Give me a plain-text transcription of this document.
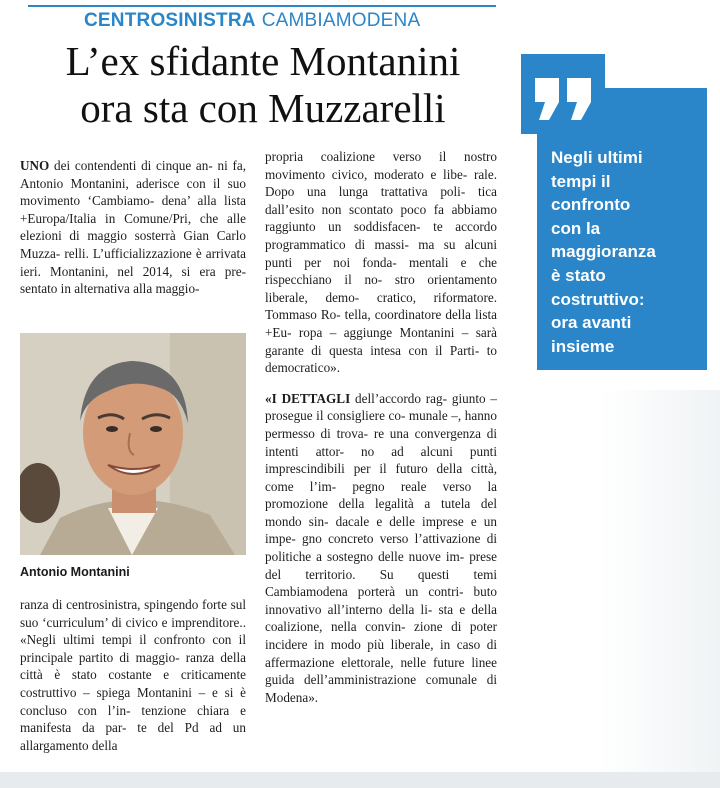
CENTROSINISTRA CAMBIAMODENA
L’ex sfidante Montanini
ora sta con Muzzarelli

UNO dei contendenti di cinque an- ni fa, Antonio Montanini, aderisce con il suo movimento ‘Cambiamo- dena’ alla lista +Europa/Italia in Comune/Pri, che alle elezioni di maggio sosterrà Gian Carlo Muzza- relli. L’ufficializzazione è arrivata ieri. Montanini, nel 2014, si era pre- sentato in alternativa alla maggio-

Antonio Montanini

ranza di centrosinistra, spingendo forte sul suo ‘curriculum’ di civico e imprenditore.. «Negli ultimi tempi il confronto con il principale partito di maggio- ranza della città è stato costante e criticamente costruttivo – spiega Montanini – e si è concluso con l’in- tenzione chiara e manifesta da par- te del Pd ad un allargamento della

propria coalizione verso il nostro movimento civico, moderato e libe- rale. Dopo una lunga trattativa poli- tica dall’esito non scontato poco fa abbiamo raggiunto un soddisfacen- te accordo programmatico di massi- ma su alcuni punti per noi fonda- mentali e che rispecchiano il no- stro orientamento liberale, demo- cratico, riformatore. Tommaso Ro- tella, coordinatore della lista +Eu- ropa – aggiunge Montanini – sarà garante di questa intesa con il Parti- to democratico».

«I DETTAGLI dell’accordo rag- giunto – prosegue il consigliere co- munale –, hanno permesso di trova- re una convergenza di intenti attor- no ad alcuni punti imprescindibili per il futuro della città, come l’im- pegno reale verso la promozione della legalità a tutela del mondo sin- dacale e delle imprese e un impe- gno concreto verso l’attivazione di politiche a sostegno delle nuove im- prese del territorio. Su questi temi Cambiamodena porterà un contri- buto innovativo all’interno della li- sta e della coalizione, nella convin- zione di poter incidere in modo più liberale, in caso di affermazione elettorale, nelle future linee guida dell’amministrazione comunale di Modena».

Negli ultimi
tempi il
confronto
con la
maggioranza
è stato
costruttivo:
ora avanti
insieme
